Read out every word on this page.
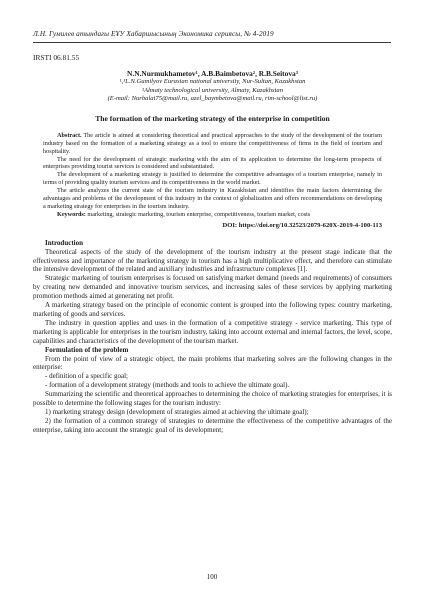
Л.Н. Гумилев атындағы ЕҰУ Хабаршысының Экономика сериясы, № 4-2019

IRSTI 06.81.55

N.N.Nurmukhametov¹, A.B.Baimbetova², R.B.Seitova³

¹,³L.N.Gumilyov Eurasian national university, Nur-Sultan, Kazakhstan

²Almaty technological university, Almaty, Kazakhstan

(E-mail: Nurbalat75@mail.ru, azel_baymbetova@mail.ru, rim-school@list.ru)

The formation of the marketing strategy of the enterprise in competition

Abstract. The article is aimed at considering theoretical and practical approaches to the study of the development of the tourism industry based on the formation of a marketing strategy as a tool to ensure the competitiveness of firms in the field of tourism and hospitality.

The need for the development of strategic marketing with the aim of its application to determine the long-term prospects of enterprises providing tourist services is considered and substantiated.

The development of a marketing strategy is justified to determine the competitive advantages of a tourism enterprise, namely in terms of providing quality tourism services and its competitiveness in the world market.

The article analyzes the current state of the tourism industry in Kazakhstan and identifies the main factors determining the advantages and problems of the development of this industry in the context of globalization and offers recommendations on developing a marketing strategy for enterprises in the tourism industry.

Keywords: marketing, strategic marketing, tourism enterprise, competitiveness, tourism market, costs

DOI: https://doi.org/10.32523/2079-620X-2019-4-100-113

Introduction

Theoretical aspects of the study of the development of the tourism industry at the present stage indicate that the effectiveness and importance of the marketing strategy in tourism has a high multiplicative effect, and therefore can stimulate the intensive development of the related and auxiliary industries and infrastructure complexes [1].

Strategic marketing of tourism enterprises is focused on satisfying market demand (needs and requirements) of consumers by creating new demanded and innovative tourism services, and increasing sales of these services by applying marketing promotion methods aimed at generating net profit.

A marketing strategy based on the principle of economic content is grouped into the following types: country marketing, marketing of goods and services.

The industry in question applies and uses in the formation of a competitive strategy - service marketing. This type of marketing is applicable for enterprises in the tourism industry, taking into account external and internal factors, the level, scope, capabilities and characteristics of the development of the tourism market.

Formulation of the problem

From the point of view of a strategic object, the main problems that marketing solves are the following changes in the enterprise:

- definition of a specific goal;

- formation of a development strategy (methods and tools to achieve the ultimate goal).

Summarizing the scientific and theoretical approaches to determining the choice of marketing strategies for enterprises, it is possible to determine the following stages for the tourism industry:

1) marketing strategy design (development of strategies aimed at achieving the ultimate goal);

2) the formation of a common strategy of strategies to determine the effectiveness of the competitive advantages of the enterprise, taking into account the strategic goal of its development;

100
